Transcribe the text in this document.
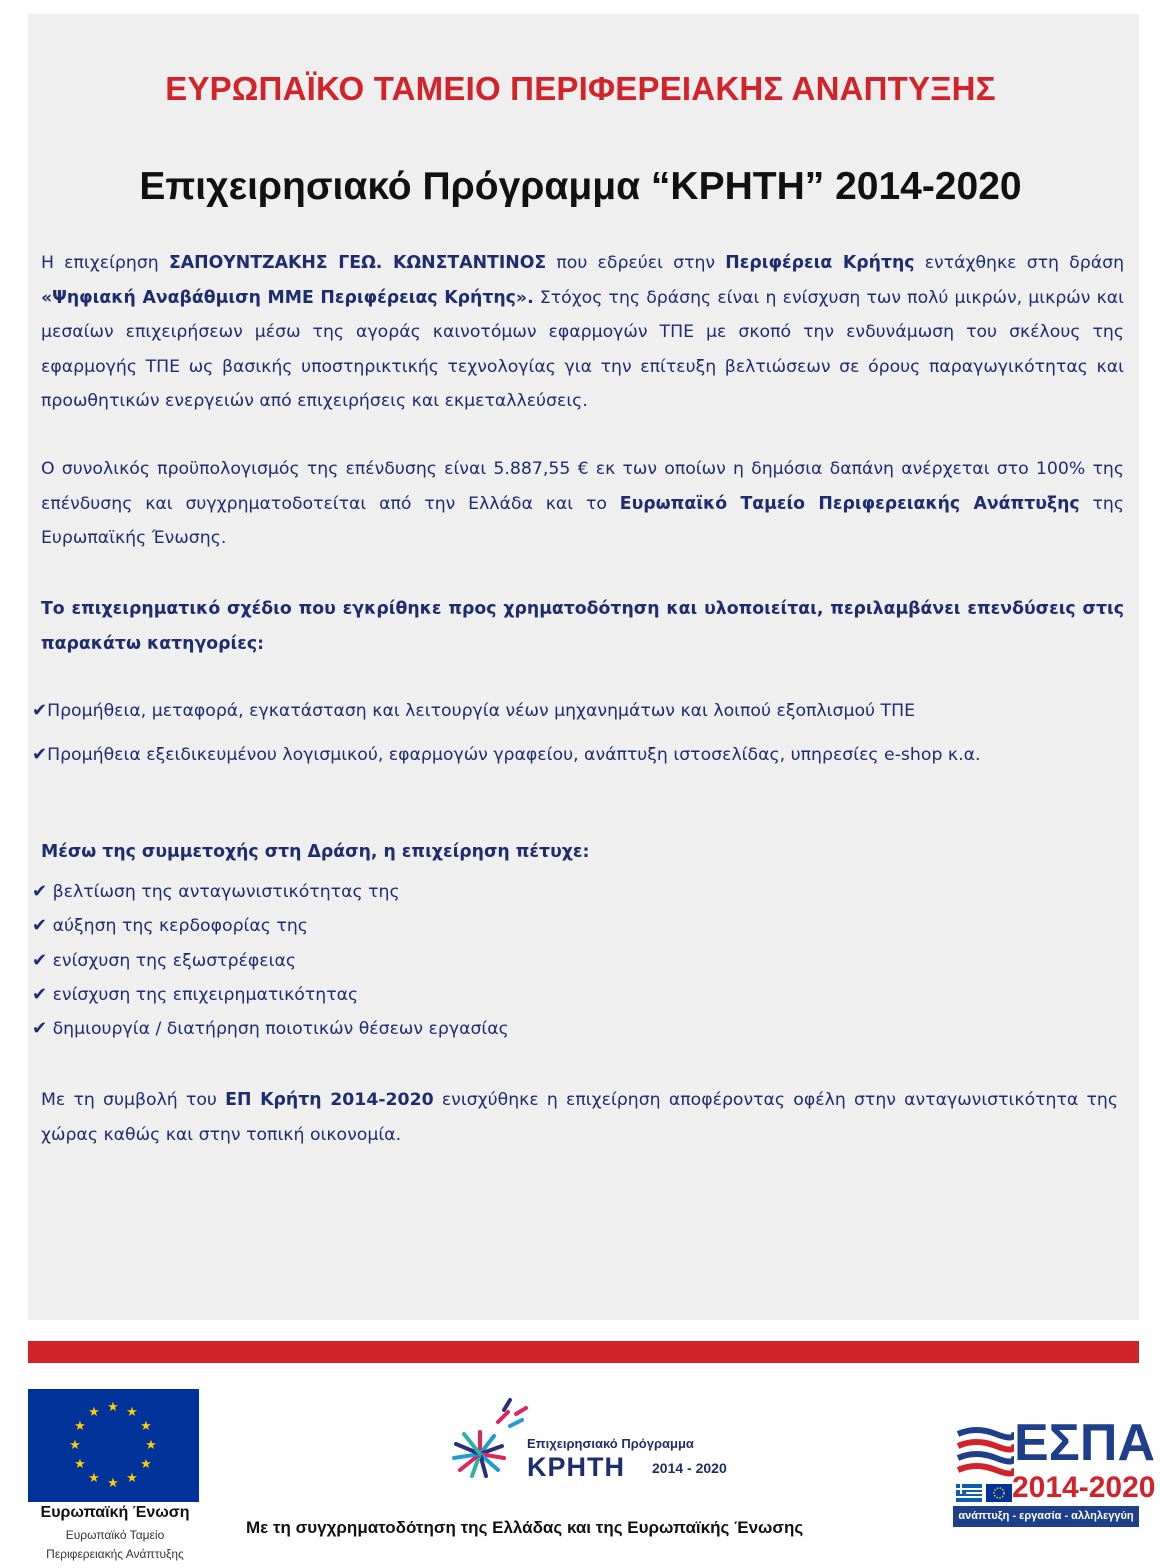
ΕΥΡΩΠΑΪΚΟ ΤΑΜΕΙΟ ΠΕΡΙΦΕΡΕΙΑΚΗΣ ΑΝΑΠΤΥΞΗΣ
Επιχειρησιακό Πρόγραμμα “ΚΡΗΤΗ” 2014-2020

Η επιχείρηση ΣΑΠΟΥΝΤΖΑΚΗΣ ΓΕΩ. ΚΩΝΣΤΑΝΤΙΝΟΣ που εδρεύει στην Περιφέρεια Κρήτης εντάχθηκε στη δράση «Ψηφιακή Αναβάθμιση ΜΜΕ Περιφέρειας Κρήτης». Στόχος της δράσης είναι η ενίσχυση των πολύ μικρών, μικρών και μεσαίων επιχειρήσεων μέσω της αγοράς καινοτόμων εφαρμογών ΤΠΕ με σκοπό την ενδυνάμωση του σκέλους της εφαρμογής ΤΠΕ ως βασικής υποστηρικτικής τεχνολογίας για την επίτευξη βελτιώσεων σε όρους παραγωγικότητας και προωθητικών ενεργειών από επιχειρήσεις και εκμεταλλεύσεις.

Ο συνολικός προϋπολογισμός της επένδυσης είναι 5.887,55 € εκ των οποίων η δημόσια δαπάνη ανέρχεται στο 100% της επένδυσης και συγχρηματοδοτείται από την Ελλάδα και το Ευρωπαϊκό Ταμείο Περιφερειακής Ανάπτυξης της Ευρωπαϊκής Ένωσης.

Το επιχειρηματικό σχέδιο που εγκρίθηκε προς χρηματοδότηση και υλοποιείται, περιλαμβάνει επενδύσεις στις παρακάτω κατηγορίες:

✔Προμήθεια, μεταφορά, εγκατάσταση και λειτουργία νέων μηχανημάτων και λοιπού εξοπλισμού ΤΠΕ
✔Προμήθεια εξειδικευμένου λογισμικού, εφαρμογών γραφείου, ανάπτυξη ιστοσελίδας, υπηρεσίες e-shop κ.α.
Μέσω της συμμετοχής στη Δράση, η επιχείρηση πέτυχε:
✔ βελτίωση της ανταγωνιστικότητας της
✔ αύξηση της κερδοφορίας της
✔ ενίσχυση της εξωστρέφειας
✔ ενίσχυση της επιχειρηματικότητας
✔ δημιουργία / διατήρηση ποιοτικών θέσεων εργασίας

Με τη συμβολή του ΕΠ Κρήτη 2014-2020 ενισχύθηκε η επιχείρηση αποφέροντας οφέλη στην ανταγωνιστικότητα της χώρας καθώς και στην τοπική οικονομία.

★ ★
★
★
★
★
★
★
★
★
★
★
Ευρωπαϊκή Ένωση
Ευρωπαϊκό Ταμείο
Περιφερειακής Ανάπτυξης
Επιχειρησιακό Πρόγραμμα
ΚΡΗΤΗ 2014 - 2020
Με τη συγχρηματοδότηση της Ελλάδας και της Ευρωπαϊκής Ένωσης
ΕΣΠΑ
2014-2020
ανάπτυξη - εργασία - αλληλεγγύη
